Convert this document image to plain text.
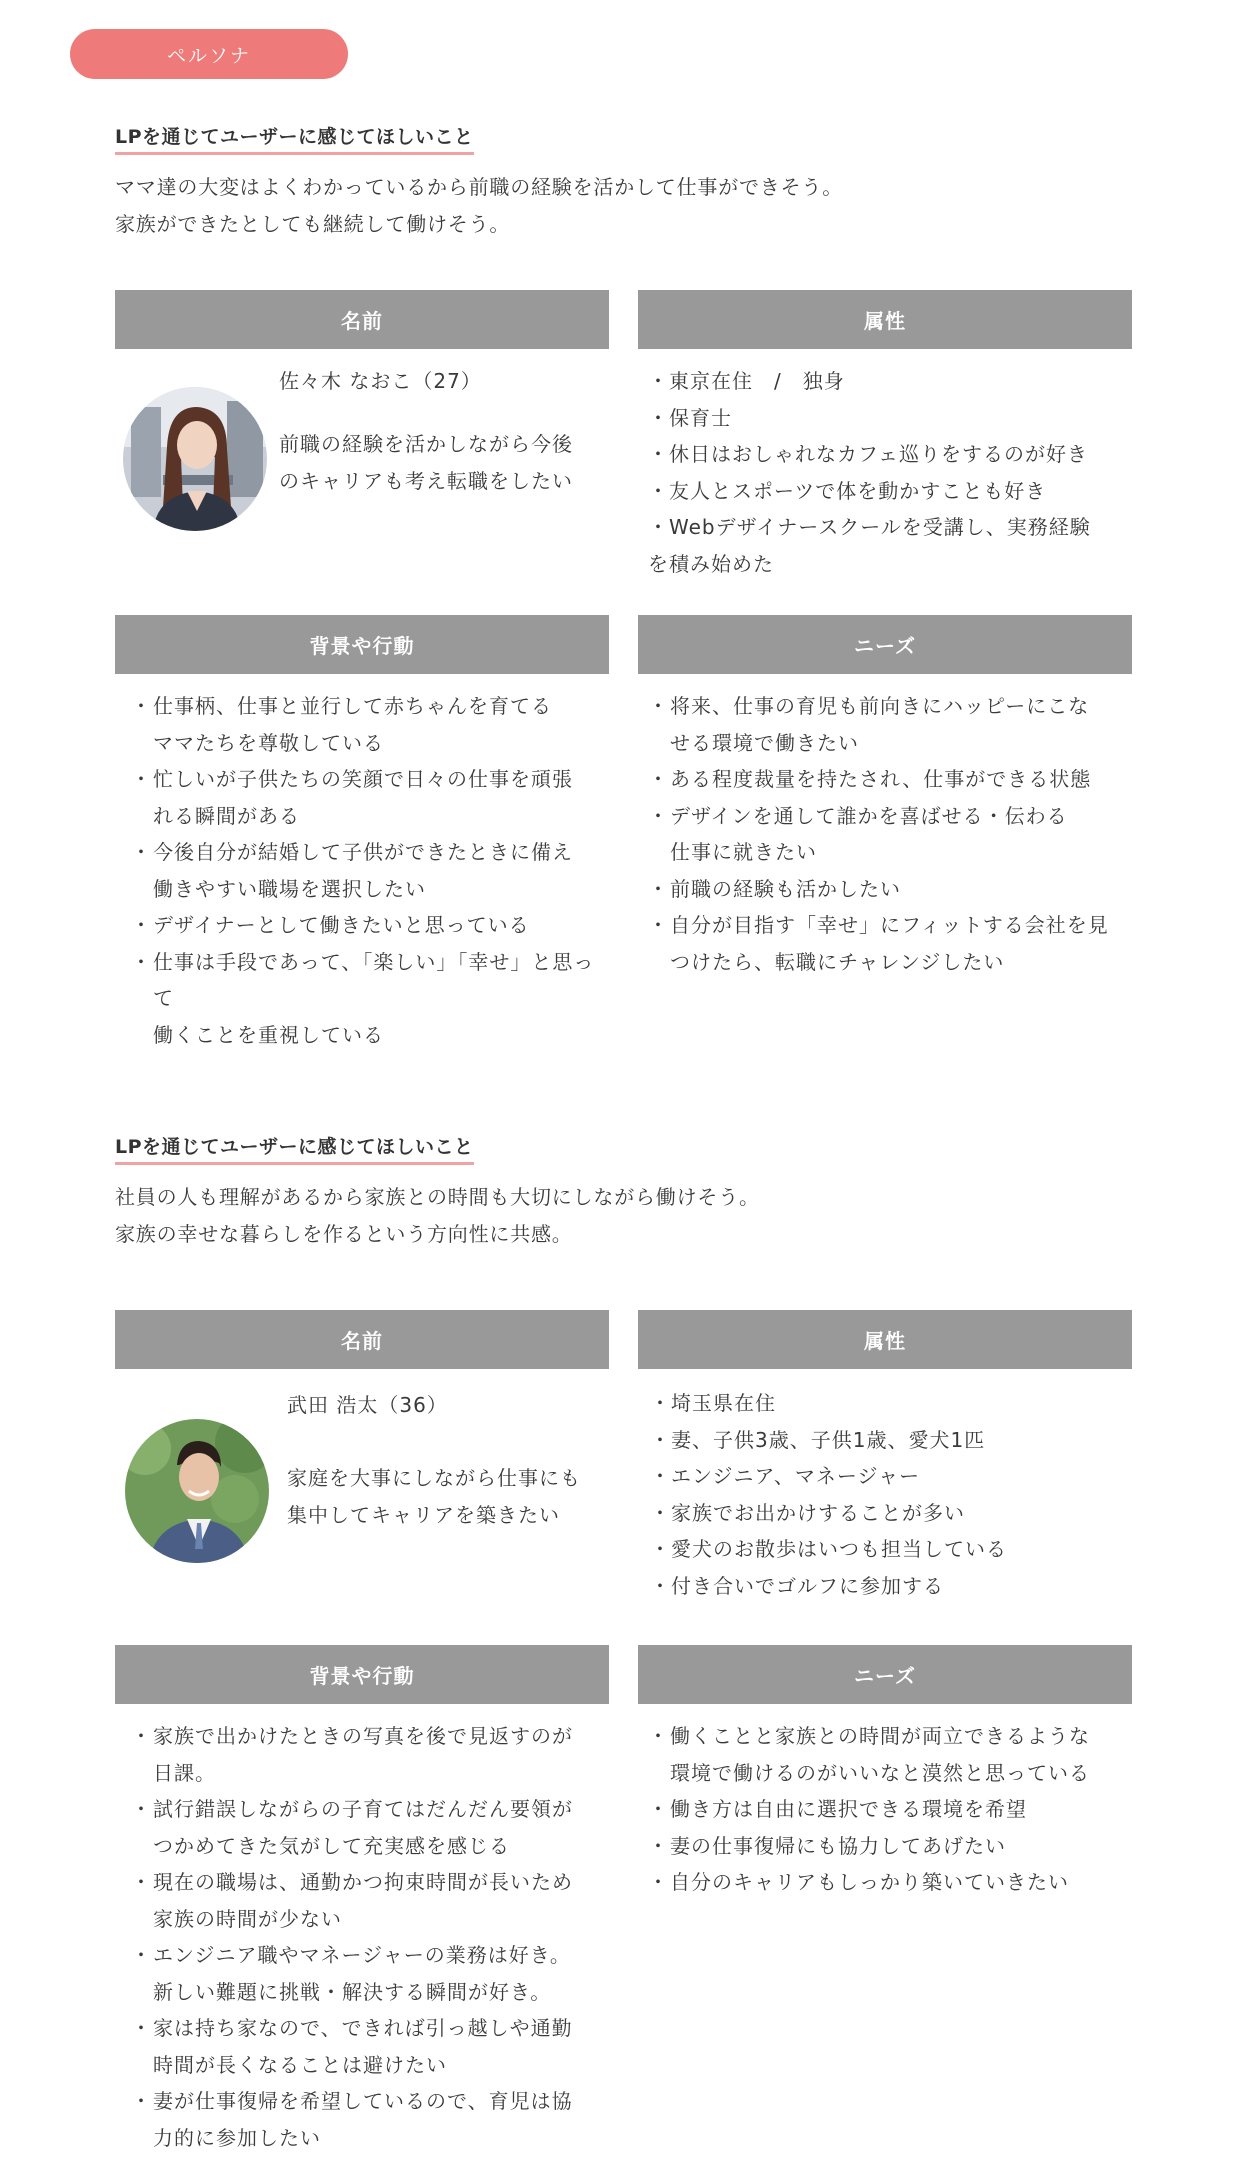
ペルソナ
LPを通じてユーザーに感じてほしいこと
ママ達の大変はよくわかっているから前職の経験を活かして仕事ができそう。
家族ができたとしても継続して働けそう。
名前
佐々木 なおこ（27）
前職の経験を活かしながら今後
のキャリアも考え転職をしたい
属性
・東京在住　/　独身
・保育士
・休日はおしゃれなカフェ巡りをするのが好き
・友人とスポーツで体を動かすことも好き
・Webデザイナースクールを受講し、実務経験
を積み始めた
背景や行動
・ 仕事柄、仕事と並行して赤ちゃんを育てる
ママたちを尊敬している
・ 忙しいが子供たちの笑顔で日々の仕事を頑張
れる瞬間がある
・ 今後自分が結婚して子供ができたときに備え
働きやすい職場を選択したい
・ デザイナーとして働きたいと思っている
・ 仕事は手段であって、「楽しい」「幸せ」と思って
働くことを重視している
ニーズ
・ 将来、仕事の育児も前向きにハッピーにこな
せる環境で働きたい
・ ある程度裁量を持たされ、仕事ができる状態
・ デザインを通して誰かを喜ばせる・伝わる
仕事に就きたい
・ 前職の経験も活かしたい
・ 自分が目指す「幸せ」にフィットする会社を見
つけたら、転職にチャレンジしたい
LPを通じてユーザーに感じてほしいこと
社員の人も理解があるから家族との時間も大切にしながら働けそう。
家族の幸せな暮らしを作るという方向性に共感。
名前
武田 浩太（36）
家庭を大事にしながら仕事にも
集中してキャリアを築きたい
属性
・埼玉県在住
・妻、子供3歳、子供1歳、愛犬1匹
・エンジニア、マネージャー
・家族でお出かけすることが多い
・愛犬のお散歩はいつも担当している
・付き合いでゴルフに参加する
背景や行動
・ 家族で出かけたときの写真を後で見返すのが
日課。
・ 試行錯誤しながらの子育てはだんだん要領が
つかめてきた気がして充実感を感じる
・ 現在の職場は、通勤かつ拘束時間が長いため
家族の時間が少ない
・ エンジニア職やマネージャーの業務は好き。
新しい難題に挑戦・解決する瞬間が好き。
・ 家は持ち家なので、できれば引っ越しや通勤
時間が長くなることは避けたい
・ 妻が仕事復帰を希望しているので、育児は協
力的に参加したい
ニーズ
・ 働くことと家族との時間が両立できるような
環境で働けるのがいいなと漠然と思っている
・ 働き方は自由に選択できる環境を希望
・ 妻の仕事復帰にも協力してあげたい
・ 自分のキャリアもしっかり築いていきたい
